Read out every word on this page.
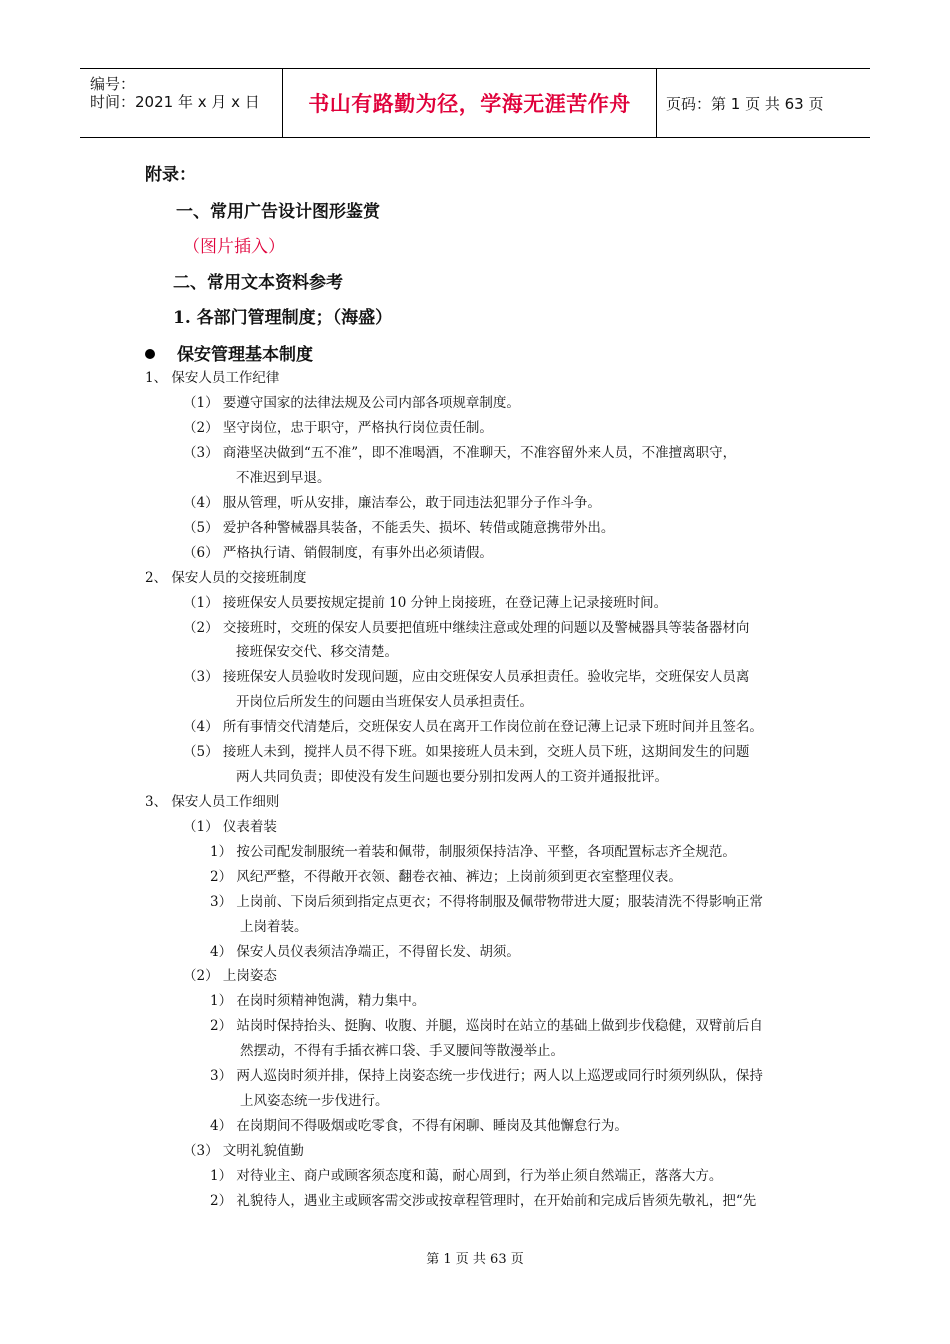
编号：
时间：2021 年 x 月 x 日 书山有路勤为径，学海无涯苦作舟	页码：第 1 页 共 63 页
附录：
一、常用广告设计图形鉴赏
（图片插入）
二、常用文本资料参考
1. 各部门管理制度；（海盛）
保安管理基本制度
1、 保安人员工作纪律
（1） 要遵守国家的法律法规及公司内部各项规章制度。
（2） 坚守岗位，忠于职守，严格执行岗位责任制。
（3） 商港坚决做到“五不准”，即不准喝酒，不准聊天，不准容留外来人员，不准擅离职守，
不准迟到早退。
（4） 服从管理，听从安排，廉洁奉公，敢于同违法犯罪分子作斗争。
（5） 爱护各种警械器具装备，不能丢失、损坏、转借或随意携带外出。
（6） 严格执行请、销假制度，有事外出必须请假。
2、 保安人员的交接班制度
（1） 接班保安人员要按规定提前 10 分钟上岗接班，在登记薄上记录接班时间。
（2） 交接班时，交班的保安人员要把值班中继续注意或处理的问题以及警械器具等装备器材向
接班保安交代、移交清楚。
（3） 接班保安人员验收时发现问题，应由交班保安人员承担责任。验收完毕，交班保安人员离
开岗位后所发生的问题由当班保安人员承担责任。
（4） 所有事情交代清楚后，交班保安人员在离开工作岗位前在登记薄上记录下班时间并且签名。
（5） 接班人未到，搅拌人员不得下班。如果接班人员未到，交班人员下班，这期间发生的问题
两人共同负责；即使没有发生问题也要分别扣发两人的工资并通报批评。
3、 保安人员工作细则
（1） 仪表着装
1） 按公司配发制服统一着装和佩带，制服须保持洁净、平整，各项配置标志齐全规范。
2） 风纪严整，不得敞开衣领、翻卷衣袖、裤边；上岗前须到更衣室整理仪表。
3） 上岗前、下岗后须到指定点更衣；不得将制服及佩带物带进大厦；服装清洗不得影响正常
上岗着装。
4） 保安人员仪表须洁净端正，不得留长发、胡须。
（2） 上岗姿态
1） 在岗时须精神饱满，精力集中。
2） 站岗时保持抬头、挺胸、收腹、并腿，巡岗时在站立的基础上做到步伐稳健，双臂前后自
然摆动，不得有手插衣裤口袋、手叉腰间等散漫举止。
3） 两人巡岗时须并排，保持上岗姿态统一步伐进行；两人以上巡逻或同行时须列纵队，保持
上风姿态统一步伐进行。
4） 在岗期间不得吸烟或吃零食，不得有闲聊、睡岗及其他懈怠行为。
（3） 文明礼貌值勤
1） 对待业主、商户或顾客须态度和蔼，耐心周到，行为举止须自然端正，落落大方。
2） 礼貌待人，遇业主或顾客需交涉或按章程管理时，在开始前和完成后皆须先敬礼，把“先
第 1 页 共 63 页
